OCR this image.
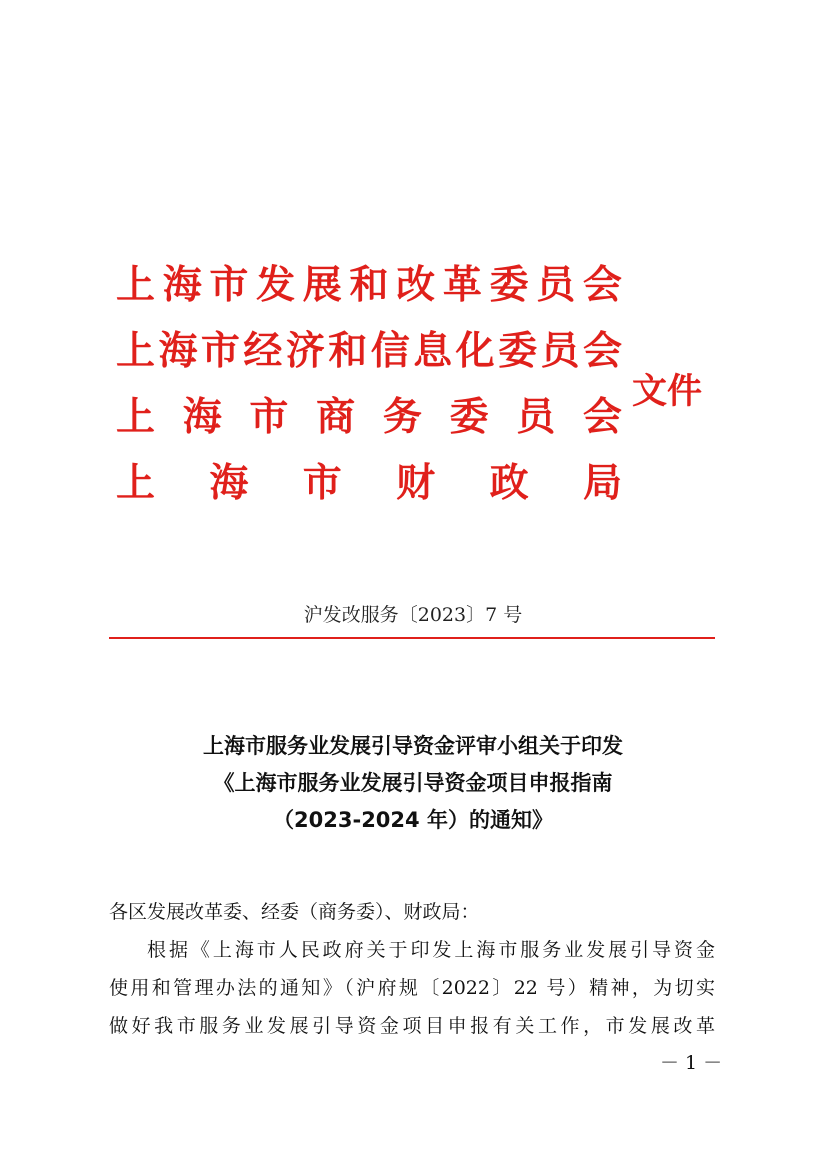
上 海 市 发 展 和 改 革 委 员 会
上 海 市 经 济 和 信 息 化 委 员 会
上 海 市 商 务 委 员 会
上 海 市 财 政 局
文件
沪发改服务〔2023〕7 号
上海市服务业发展引导资金评审小组关于印发
《上海市服务业发展引导资金项目申报指南
（2023-2024 年）的通知》

各区发展改革委、经委（商务委）、财政局：

根据《上海市人民政府关于印发上海市服务业发展引导资金

使用和管理办法的通知》（沪府规〔2022〕22 号）精神，为切实

做好我市服务业发展引导资金项目申报有关工作，市发展改革

－ 1 －
